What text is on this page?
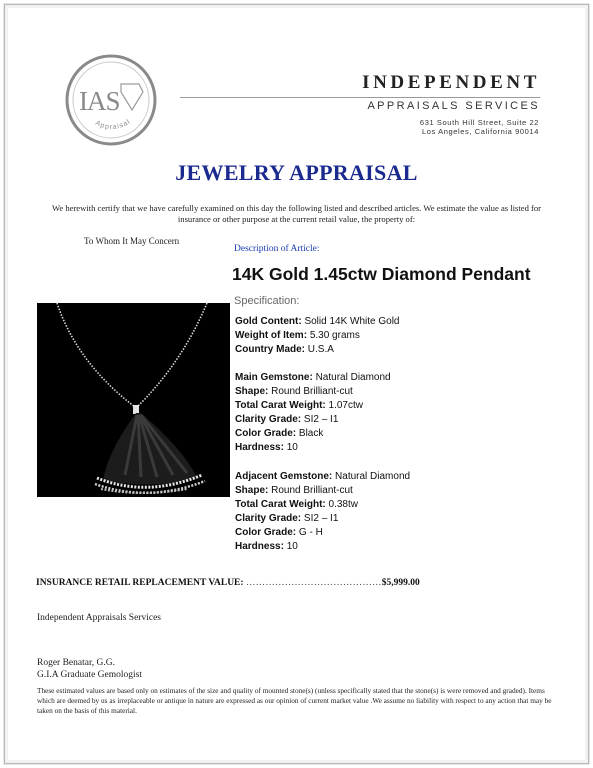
IAS
Appraisal
INDEPENDENT
APPRAISALS SERVICES
631 South Hill Street, Suite 22
Los Angeles, California 90014
JEWELRY APPRAISAL
We herewith certify that we have carefully examined on this day the following listed and described articles. We estimate the value as listed for insurance or other purpose at the current retail value, the property of:
To Whom It May Concern
Description of Article:
14K Gold 1.45ctw Diamond Pendant
Specification:
Gold Content: Solid 14K White Gold
Weight of Item: 5.30 grams
Country Made: U.S.A
Main Gemstone: Natural Diamond
Shape: Round Brilliant-cut
Total Carat Weight: 1.07ctw
Clarity Grade: SI2 – I1
Color Grade: Black
Hardness: 10
Adjacent Gemstone: Natural Diamond
Shape: Round Brilliant-cut
Total Carat Weight: 0.38tw
Clarity Grade: SI2 – I1
Color Grade: G - H
Hardness: 10
INSURANCE RETAIL REPLACEMENT VALUE: ……………………………………$5,999.00
Independent Appraisals Services
Roger Benatar, G.G.
G.I.A Graduate Gemologist
These estimated values are based only on estimates of the size and quality of mounted stone(s) (unless specifically stated that the stone(s) is were removed and graded). Items which are deemed by us as irreplaceable or antique in nature are expressed as our opinion of current market value .We assume no liability with respect to any action that may be taken on the basis of this material.
